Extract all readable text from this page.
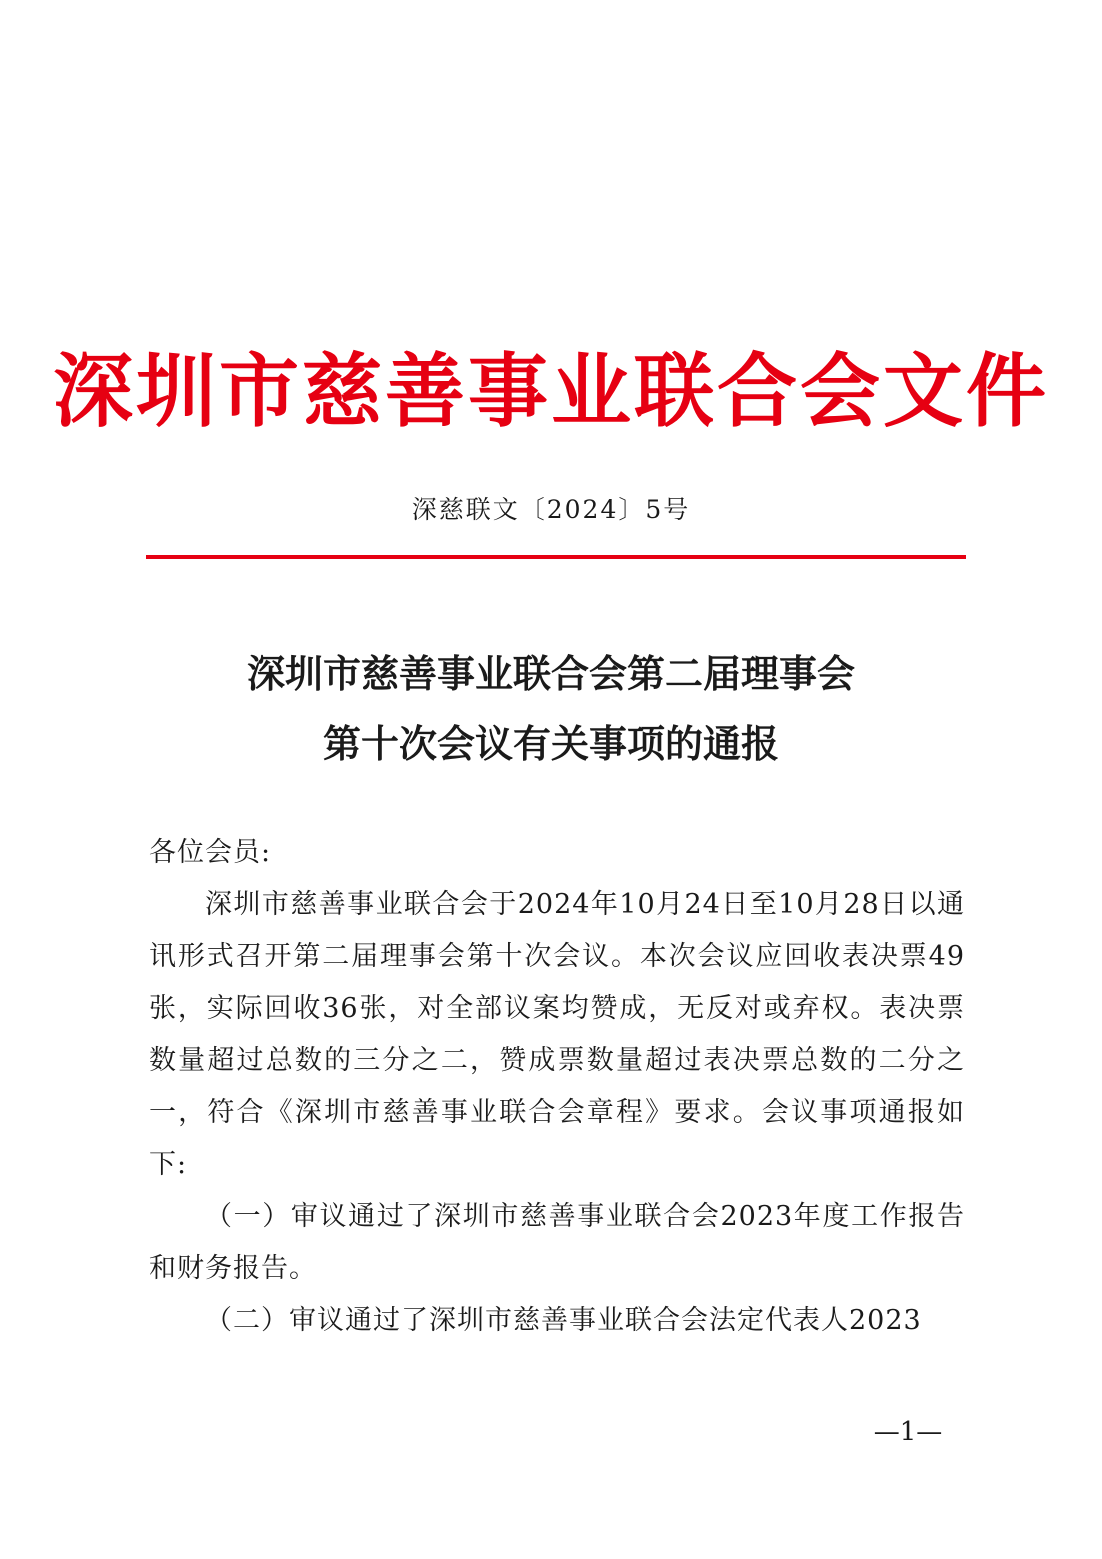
深圳市慈善事业联合会文件
深慈联文〔2024〕5号
深圳市慈善事业联合会第二届理事会
第十次会议有关事项的通报

各位会员:

深圳市慈善事业联合会于2024年10月24日至10月28日以通讯形式召开第二届理事会第十次会议。本次会议应回收表决票49张，实际回收36张，对全部议案均赞成，无反对或弃权。表决票数量超过总数的三分之二，赞成票数量超过表决票总数的二分之一，符合《深圳市慈善事业联合会章程》要求。会议事项通报如下:

（一）审议通过了深圳市慈善事业联合会2023年度工作报告和财务报告。

（二）审议通过了深圳市慈善事业联合会法定代表人2023

—1—
